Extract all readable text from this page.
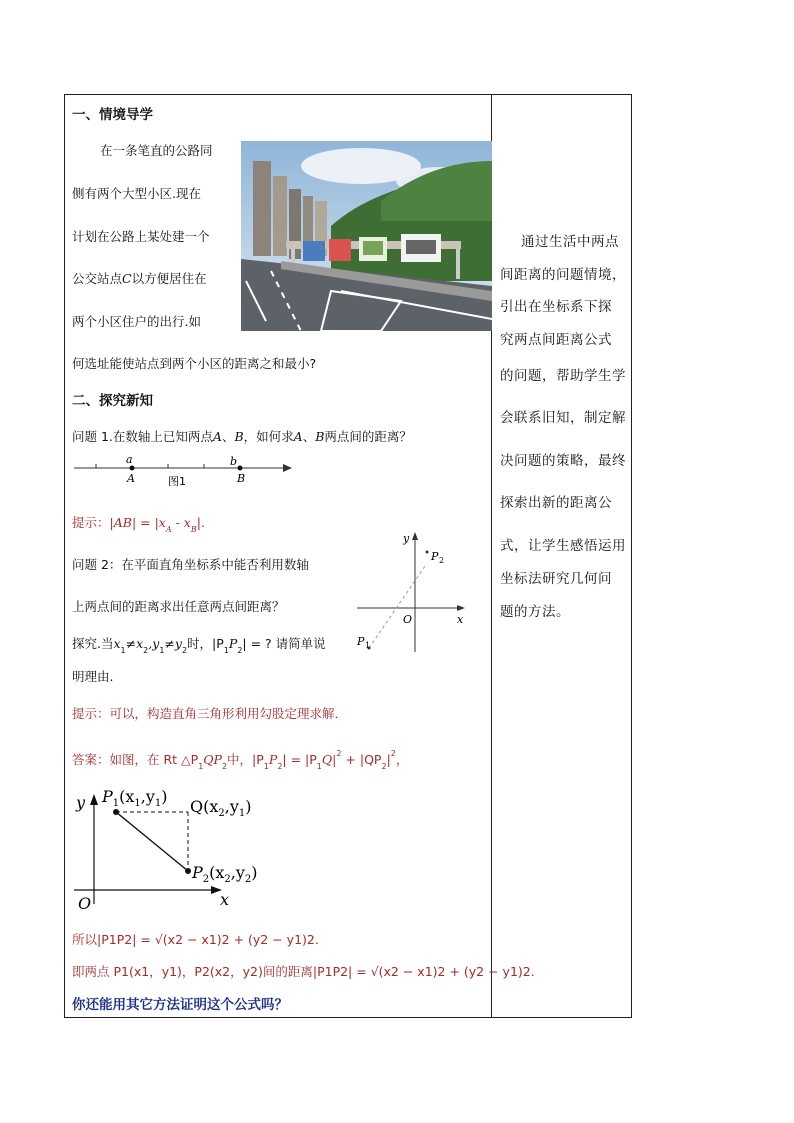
一、情境导学
在一条笔直的公路同
侧有两个大型小区.现在
计划在公路上某处建一个
公交站点C以方便居住在
两个小区住户的出行.如
何选址能使站点到两个小区的距离之和最小?
二、探究新知
问题 1.在数轴上已知两点A、B，如何求A、B两点间的距离？
a	b
A	B
图1
提示：$|AB| = |x_A - x_B|$.
问题 2：在平面直角坐标系中能否利用数轴
上两点间的距离求出任意两点间距离？
探究.当$x_1\ne x_2,y_1\ne y_2$时，$|P_1P_2|$ = ? 请简单说
明理由.
y
x
O
P 2
P 1
提示：可以，构造直角三角形利用勾股定理求解．
答案：如图，在 Rt $\triangle P_1QP_2$中，$|P_1P_2| = |P_1Q|^2 + |QP_2|^2$，
y
x
O
$P_1(x_1,y_1)$
$Q(x_2,y_1)$
$P_2(x_2,y_2)$
所以|P1P2| = √(x2 − x1)2 + (y2 − y1)2.
即两点 P1(x1，y1)，P2(x2，y2)间的距离|P1P2| = √(x2 − x1)2 + (y2 − y1)2.
你还能用其它方法证明这个公式吗？
通过生活中两点
间距离的问题情境，
引出在坐标系下探
究两点间距离公式
的问题，帮助学生学
会联系旧知，制定解
决问题的策略，最终
探索出新的距离公
式，让学生感悟运用
坐标法研究几何问
题的方法。
